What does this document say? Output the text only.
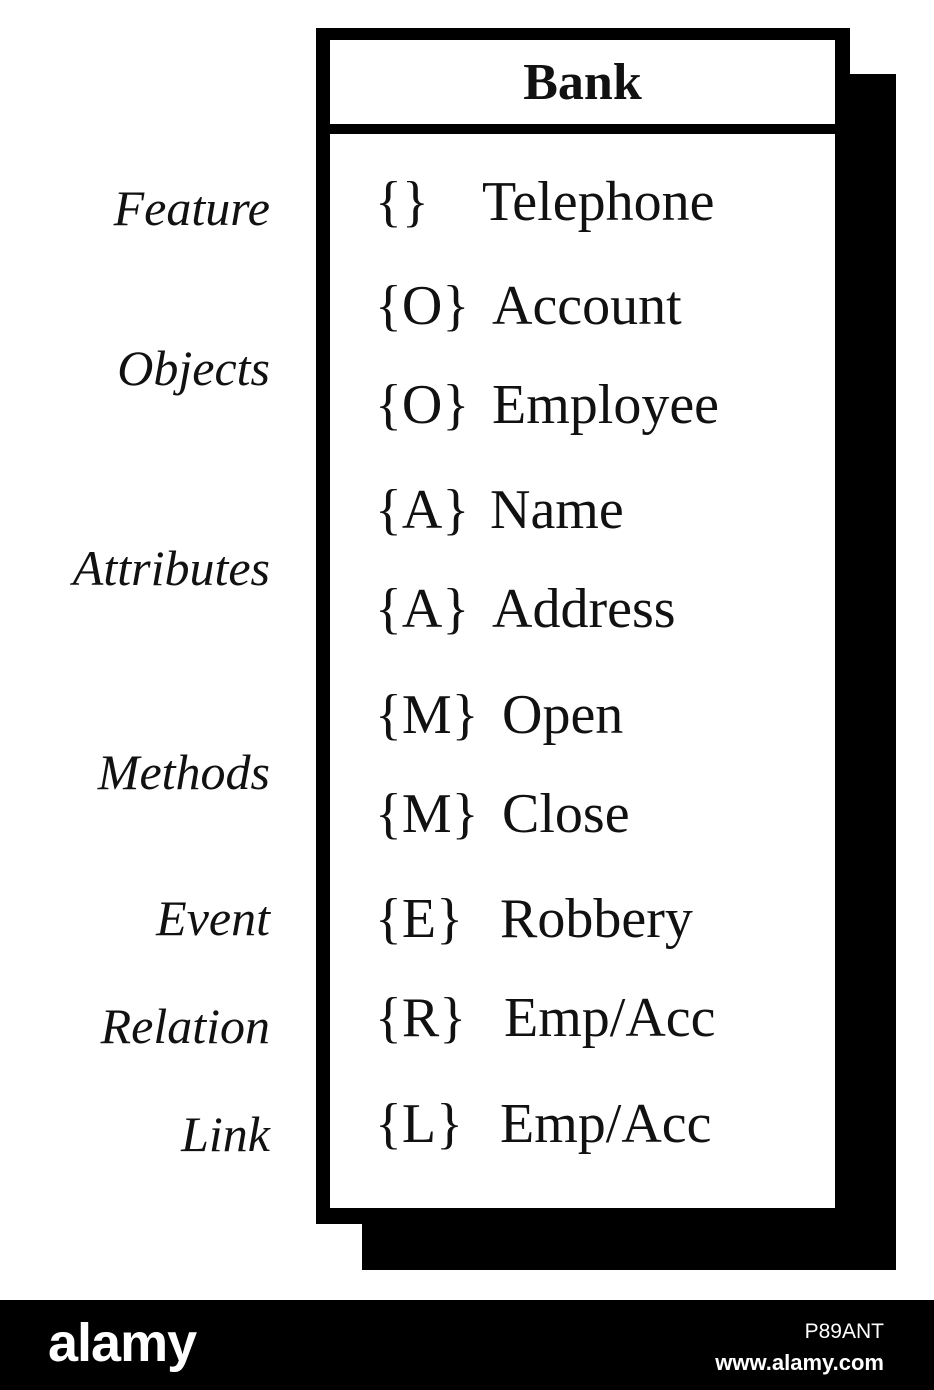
Bank
{} Telephone
{O} Account
{O} Employee
{A} Name
{A} Address
{M} Open
{M} Close
{E} Robbery
{R} Emp/Acc
{L} Emp/Acc
Feature
Objects
Attributes
Methods
Event
Relation
Link
alamy	P89ANT
www.alamy.com
